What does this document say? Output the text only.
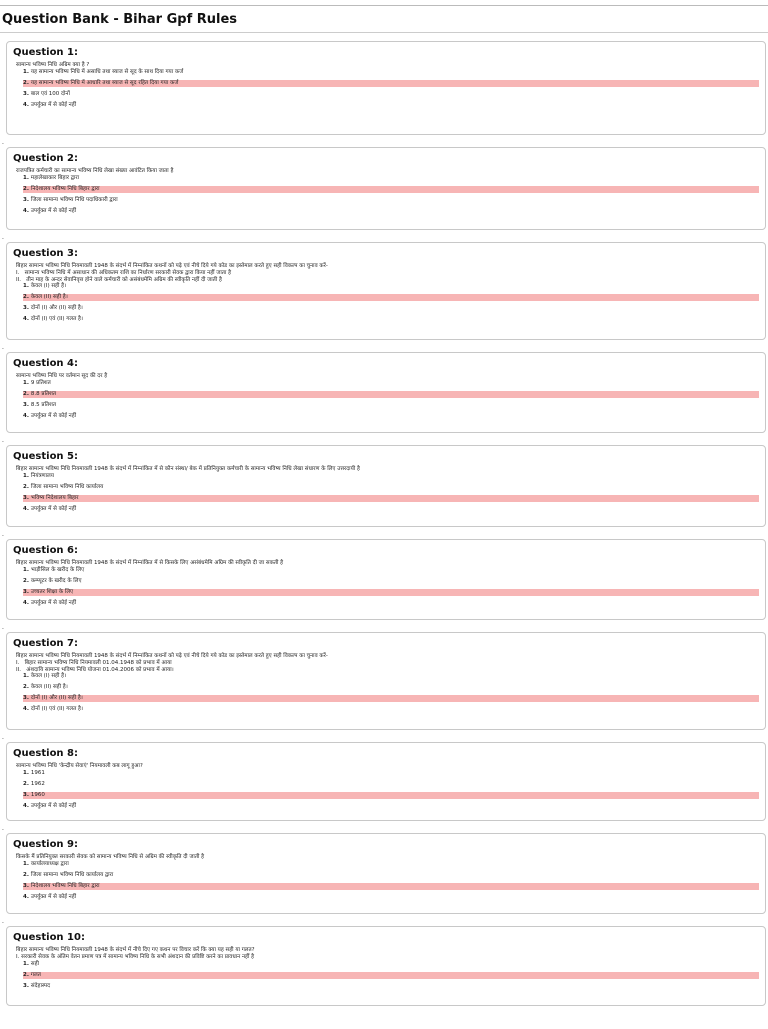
Question Bank - Bihar Gpf Rules
Question 1:
सामान्य भविष्य निधि अग्रिम क्या है ?
1. यह सामान्य भविष्य निधि में असाधि तथा ब्याज से सूद के साथ दिया गया कर्ज
2. यह सामान्य भविष्य निधि में आधारि तथा ब्याज से सूद रहित दिया गया कर्ज
3. बाल एवं 100 दोनों
4. उपर्युक्त में से कोई नहीं
.
Question 2:
राजपत्रित कर्मचारी का सामान्य भविष्य निधि लेखा संख्या आवंटित किया जाता है
1. महालेखाकार बिहार द्वारा
2. निदेशालय भविष्य निधि बिहार द्वारा
3. जिला सामान्य भविष्य निधि पदाधिकारी द्वारा
4. उपर्युक्त में से कोई नहीं
.
Question 3:
बिहार सामान्य भविष्य निधि नियमावली 1948 के संदर्भ में निम्नांकित कथनों को पढ़े एवं नीचे दिये गये कोड का इस्तेमाल करते हुए सही विकल्प का चुनाव करें-
I.   सामान्य भविष्य निधि में असाधान की अधिकतम राशि का निर्धारण सरकारी सेवक द्वारा किया नहीं जाता है
II.   तीन माह के अन्दर सेवानिवृत्त होने वाले कर्मचारी को असंबंधमेमि अग्रिम की स्वीकृति नहीं दी जाती है
1. केवल (I) सही है।
2. केवल (II) सही है।
3. दोनों (I) और (II) सही है।
4. दोनों (I) एवं (II) गलत है।
.
Question 4:
सामान्य भविष्य निधि पर वर्तमान सूद की दर है
1. 9 प्रतिशत
2. 8.8 प्रतिशत
3. 8.5 प्रतिशत
4. उपर्युक्त में से कोई नहीं
.
Question 5:
बिहार सामान्य भविष्य निधि नियमावली 1948 के संदर्भ में निम्नांकित में से कौन संस्था/ बेक में प्रतिनियुक्त कर्मचारी के सामान्य भविष्य निधि लेखा संधारण के लिए उत्तरदायी है
1. नियंत्रणालय
2. जिला सामान्य भविष्य निधि कार्यालय
3. भविष्य निदेशालय बिहार
4. उपर्युक्त में से कोई नहीं
.
Question 6:
बिहार सामान्य भविष्य निधि नियमावली 1948 के संदर्भ में निम्नांकित में से किसके लिए असंबंधमेमि अग्रिम की स्वीकृति दी जा सकती है
1. भाड़ीसिल के खरीद के लिए
2. कम्प्यूटर के खरीद के लिए
3. उच्चतर शिक्षा के लिए
4. उपर्युक्त में से कोई नहीं
.
Question 7:
बिहार सामान्य भविष्य निधि नियमावली 1948 के संदर्भ में निम्नांकित कथनों को पढ़े एवं नीचे दिये गये कोड का इस्तेमाल करते हुए सही विकल्प का चुनाव करें-
I.   बिहार सामान्य भविष्य निधि नियमावली 01.04.1948 को प्रभाव में आया
II.   अंशदायि सामान्य भविष्य निधि योजना 01.04.2006 को प्रभाव में आया।
1. केवल (I) सही है।
2. केवल (II) सही है।
3. दोनों (I) और (II) सही है।
4. दोनों (I) एवं (II) गलत है।
.
Question 8:
सामान्य भविष्य निधि 'केन्द्रीय सेवाएं' नियमावली कब लागू हुआ?
1. 1961
2. 1962
3. 1960
4. उपर्युक्त में से कोई नहीं
.
Question 9:
किसके मैं प्रतिनियुक्त सरकारी सेवक को सामान्य भविष्य निधि से अग्रिम की स्वीकृति दी जाती है
1. कार्यालयाध्यक्ष द्वारा
2. जिला सामान्य भविष्य निधि कार्यालय द्वारा
3. निदेशालय भविष्य निधि बिहार द्वारा
4. उपर्युक्त में से कोई नहीं
.
Question 10:
बिहार सामान्य भविष्य निधि नियमावली 1948 के संदर्भ में नीचे दिए गए कथन पर विचार करें कि क्या यह सही या गलत?
I. सरकारी सेवक के अंतिम वेतन प्रमाण पत्र में सामान्य भविष्य निधि के सभी अंशदान की प्रविष्टि करने का प्रावधान नहीं है
1. सही
2. गलत
3. संदेहास्पद
